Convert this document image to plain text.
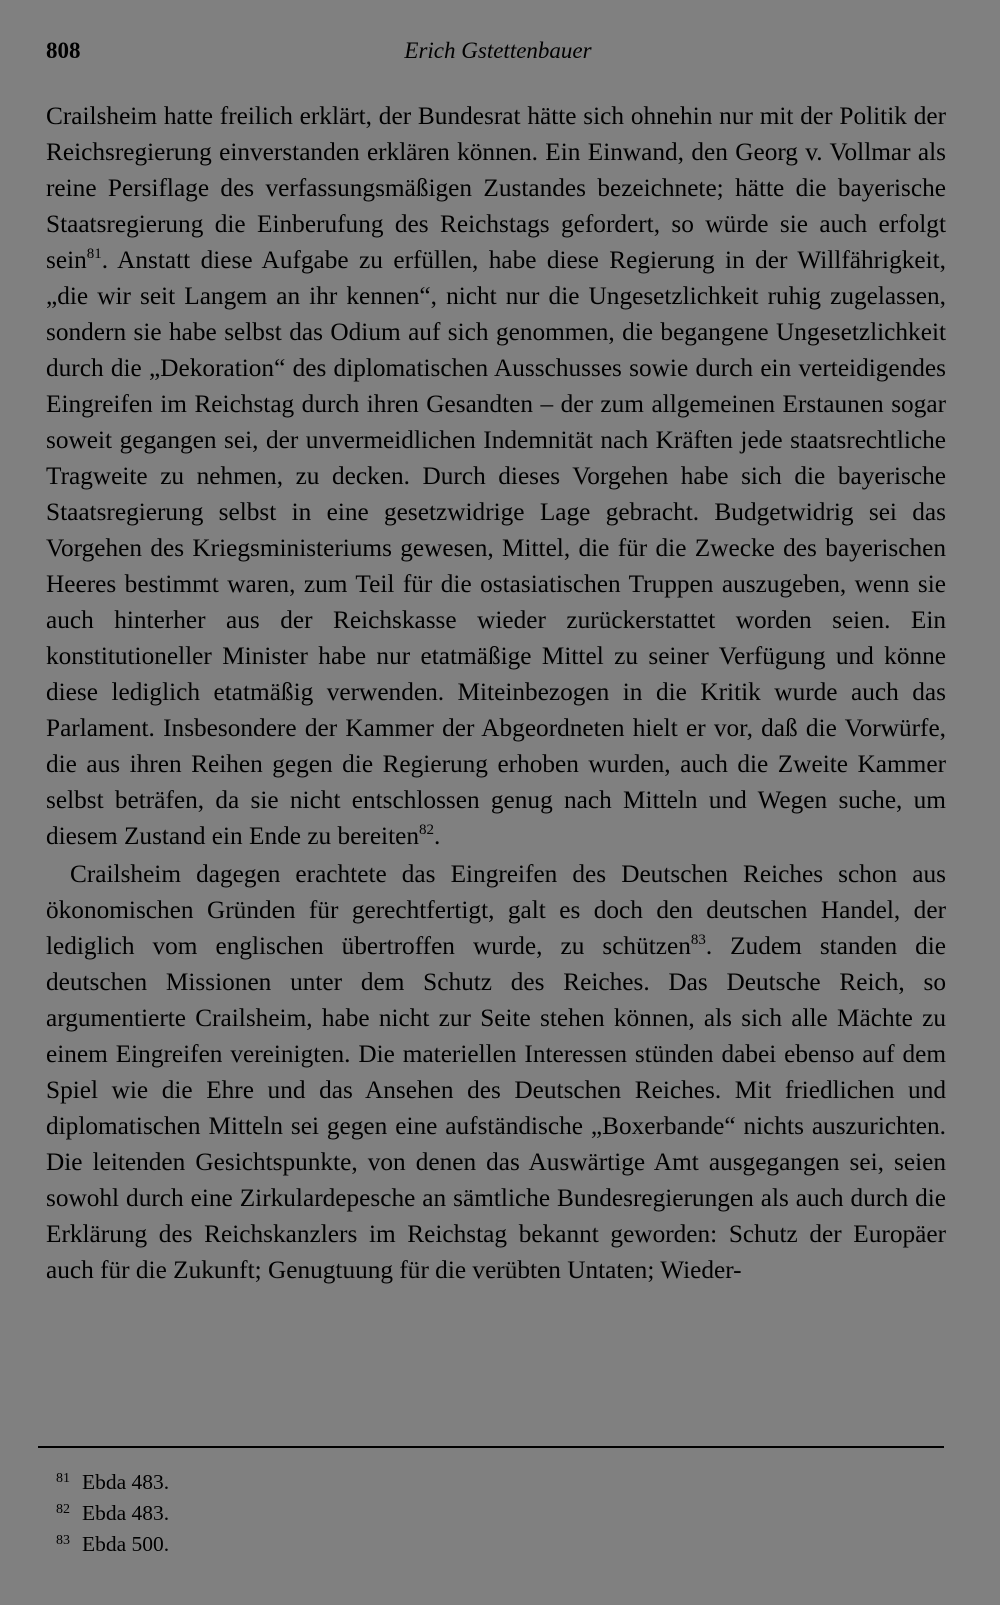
808	Erich Gstettenbauer

Crailsheim hatte freilich erklärt, der Bundesrat hätte sich ohnehin nur mit der Politik der Reichsregierung einverstanden erklären können. Ein Einwand, den Georg v. Vollmar als reine Persiflage des verfassungsmäßigen Zustandes bezeichnete; hätte die bayerische Staatsregierung die Einberufung des Reichstags gefordert, so würde sie auch erfolgt sein$^{81}$. Anstatt diese Aufgabe zu erfüllen, habe diese Regierung in der Willfährigkeit, „die wir seit Langem an ihr kennen“, nicht nur die Ungesetzlichkeit ruhig zugelassen, sondern sie habe selbst das Odium auf sich genommen, die begangene Ungesetzlichkeit durch die „Dekoration“ des diplomatischen Ausschusses sowie durch ein verteidigendes Eingreifen im Reichstag durch ihren Gesandten – der zum allgemeinen Erstaunen sogar soweit gegangen sei, der unvermeidlichen Indemnität nach Kräften jede staatsrechtliche Tragweite zu nehmen, zu decken. Durch dieses Vorgehen habe sich die bayerische Staatsregierung selbst in eine gesetzwidrige Lage gebracht. Budgetwidrig sei das Vorgehen des Kriegsministeriums gewesen, Mittel, die für die Zwecke des bayerischen Heeres bestimmt waren, zum Teil für die ostasiatischen Truppen auszugeben, wenn sie auch hinterher aus der Reichskasse wieder zurückerstattet worden seien. Ein konstitutioneller Minister habe nur etatmäßige Mittel zu seiner Verfügung und könne diese lediglich etatmäßig verwenden. Miteinbezogen in die Kritik wurde auch das Parlament. Insbesondere der Kammer der Abgeordneten hielt er vor, daß die Vorwürfe, die aus ihren Reihen gegen die Regierung erhoben wurden, auch die Zweite Kammer selbst beträfen, da sie nicht entschlossen genug nach Mitteln und Wegen suche, um diesem Zustand ein Ende zu bereiten$^{82}$.

Crailsheim dagegen erachtete das Eingreifen des Deutschen Reiches schon aus ökonomischen Gründen für gerechtfertigt, galt es doch den deutschen Handel, der lediglich vom englischen übertroffen wurde, zu schützen$^{83}$. Zudem standen die deutschen Missionen unter dem Schutz des Reiches. Das Deutsche Reich, so argumentierte Crailsheim, habe nicht zur Seite stehen können, als sich alle Mächte zu einem Eingreifen vereinigten. Die materiellen Interessen stünden dabei ebenso auf dem Spiel wie die Ehre und das Ansehen des Deutschen Reiches. Mit friedlichen und diplomatischen Mitteln sei gegen eine aufständische „Boxerbande“ nichts auszurichten. Die leitenden Gesichtspunkte, von denen das Auswärtige Amt ausgegangen sei, seien sowohl durch eine Zirkulardepesche an sämtliche Bundesregierungen als auch durch die Erklärung des Reichskanzlers im Reichstag bekannt geworden: Schutz der Europäer auch für die Zukunft; Genugtuung für die verübten Untaten; Wieder-

81 Ebda 483.
82 Ebda 483.
83 Ebda 500.
